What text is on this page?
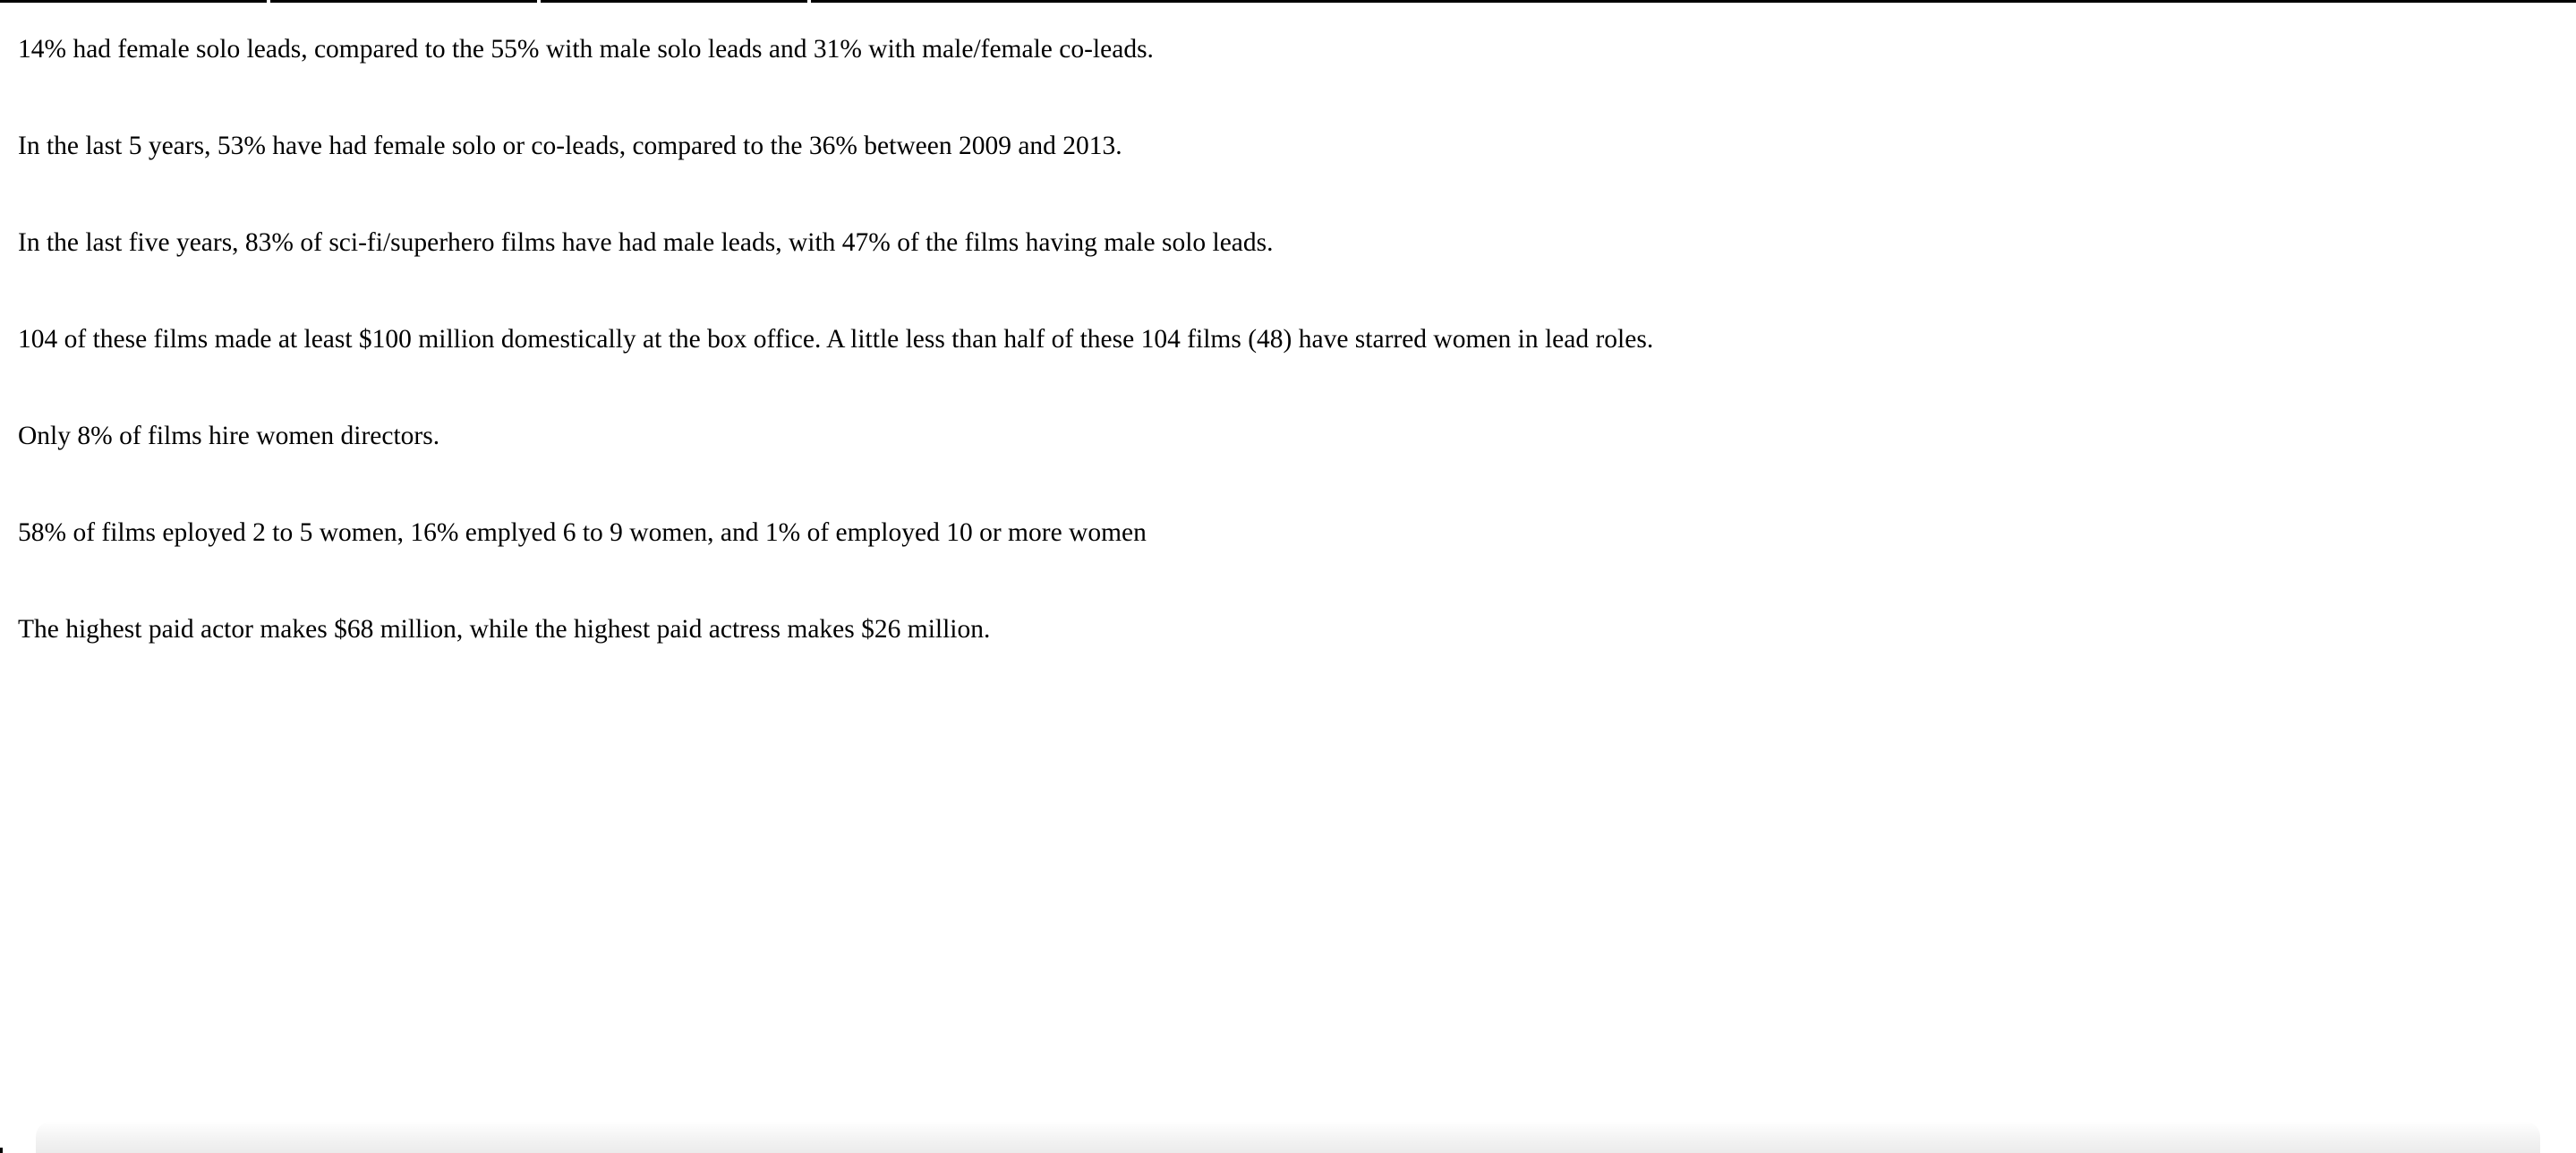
14% had female solo leads, compared to the 55% with male solo leads and 31% with male/female co-leads.

In the last 5 years, 53% have had female solo or co-leads, compared to the 36% between 2009 and 2013.

In the last five years, 83% of sci-fi/superhero films have had male leads, with 47% of the films having male solo leads.

104 of these films made at least $100 million domestically at the box office. A little less than half of these 104 films (48) have starred women in lead roles.

Only 8% of films hire women directors.

58% of films eployed 2 to 5 women, 16% emplyed 6 to 9 women, and 1% of employed 10 or more women

The highest paid actor makes $68 million, while the highest paid actress makes $26 million.
